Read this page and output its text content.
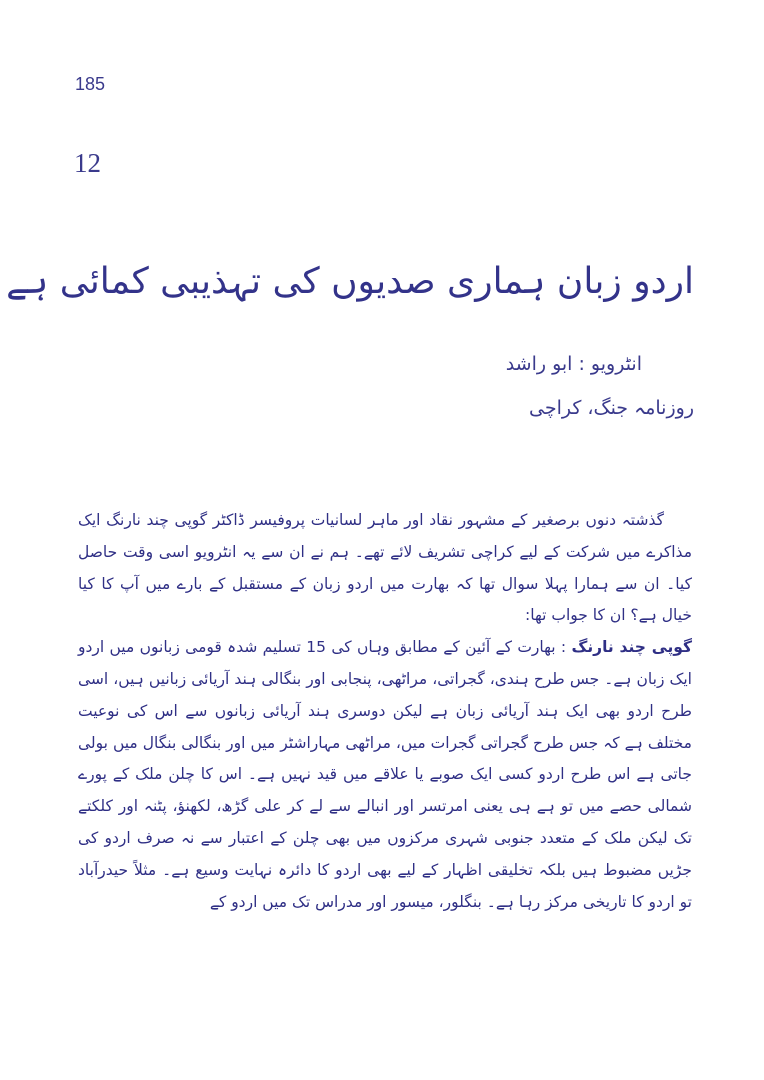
185
12
اردو زبان ہماری صدیوں کی تہذیبی کمائی ہے
انٹرویو : ابو راشد
روزنامہ جنگ، کراچی

گذشتہ دنوں برصغیر کے مشہور نقاد اور ماہر لسانیات پروفیسر ڈاکٹر گوپی چند نارنگ ایک مذاکرے میں شرکت کے لیے کراچی تشریف لائے تھے۔ ہم نے ان سے یہ انٹرویو اسی وقت حاصل کیا۔ ان سے ہمارا پہلا سوال تھا کہ بھارت میں اردو زبان کے مستقبل کے بارے میں آپ کا کیا خیال ہے؟ ان کا جواب تھا:

گوپی چند نارنگ : بھارت کے آئین کے مطابق وہاں کی 15 تسلیم شدہ قومی زبانوں میں اردو ایک زبان ہے۔ جس طرح ہندی، گجراتی، مراٹھی، پنجابی اور بنگالی ہند آریائی زبانیں ہیں، اسی طرح اردو بھی ایک ہند آریائی زبان ہے لیکن دوسری ہند آریائی زبانوں سے اس کی نوعیت مختلف ہے کہ جس طرح گجراتی گجرات میں، مراٹھی مہاراشٹر میں اور بنگالی بنگال میں بولی جاتی ہے اس طرح اردو کسی ایک صوبے یا علاقے میں قید نہیں ہے۔ اس کا چلن ملک کے پورے شمالی حصے میں تو ہے ہی یعنی امرتسر اور انبالے سے لے کر علی گڑھ، لکھنؤ، پٹنہ اور کلکتے تک لیکن ملک کے متعدد جنوبی شہری مرکزوں میں بھی چلن کے اعتبار سے نہ صرف اردو کی جڑیں مضبوط ہیں بلکہ تخلیقی اظہار کے لیے بھی اردو کا دائرہ نہایت وسیع ہے۔ مثلاً حیدرآباد تو اردو کا تاریخی مرکز رہا ہے۔ بنگلور، میسور اور مدراس تک میں اردو کے
